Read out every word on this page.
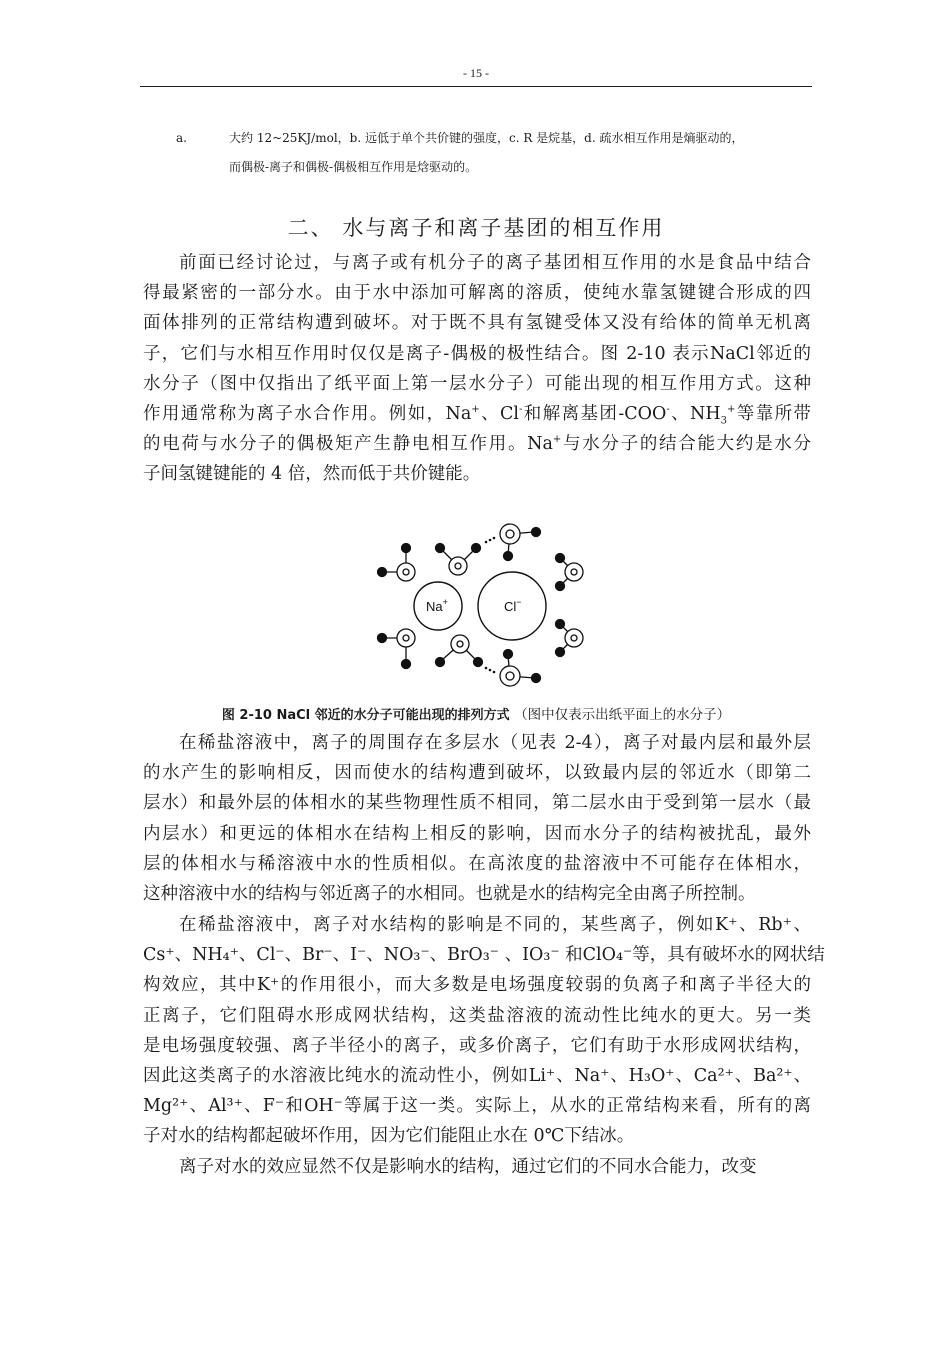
- 15 -
a.	大约 12~25KJ/mol，b. 远低于单个共价键的强度，c. R 是烷基，d. 疏水相互作用是熵驱动的，
而偶极-离子和偶极-偶极相互作用是焓驱动的。
二、 水与离子和离子基团的相互作用
前面已经讨论过，与离子或有机分子的离子基团相互作用的水是食品中结合
得最紧密的一部分水。由于水中添加可解离的溶质，使纯水靠氢键键合形成的四
面体排列的正常结构遭到破坏。对于既不具有氢键受体又没有给体的简单无机离
子，它们与水相互作用时仅仅是离子-偶极的极性结合。图 2-10 表示NaCl邻近的
水分子（图中仅指出了纸平面上第一层水分子）可能出现的相互作用方式。这种
作用通常称为离子水合作用。例如，Na+、Cl-和解离基团-COO-、$NH_3^+$等靠所带
的电荷与水分子的偶极矩产生静电相互作用。Na+与水分子的结合能大约是水分
子间氢键键能的 4 倍，然而低于共价键能。
Na+	Cl−
图 2-10 NaCl 邻近的水分子可能出现的排列方式 （图中仅表示出纸平面上的水分子）
在稀盐溶液中，离子的周围存在多层水（见表 2-4），离子对最内层和最外层
的水产生的影响相反，因而使水的结构遭到破坏，以致最内层的邻近水（即第二
层水）和最外层的体相水的某些物理性质不相同，第二层水由于受到第一层水（最
内层水）和更远的体相水在结构上相反的影响，因而水分子的结构被扰乱，最外
层的体相水与稀溶液中水的性质相似。在高浓度的盐溶液中不可能存在体相水，
这种溶液中水的结构与邻近离子的水相同。也就是水的结构完全由离子所控制。
在稀盐溶液中，离子对水结构的影响是不同的，某些离子，例如K⁺、Rb⁺、
Cs⁺、NH₄⁺、Cl⁻、Br⁻、I⁻、NO₃⁻、BrO₃⁻ 、IO₃⁻ 和ClO₄⁻等，具有破坏水的网状结
构效应，其中K⁺的作用很小，而大多数是电场强度较弱的负离子和离子半径大的
正离子，它们阻碍水形成网状结构，这类盐溶液的流动性比纯水的更大。另一类
是电场强度较强、离子半径小的离子，或多价离子，它们有助于水形成网状结构，
因此这类离子的水溶液比纯水的流动性小，例如Li⁺、Na⁺、H₃O⁺、Ca²⁺、Ba²⁺、
Mg²⁺、Al³⁺、F⁻和OH⁻等属于这一类。实际上，从水的正常结构来看，所有的离
子对水的结构都起破坏作用，因为它们能阻止水在 0℃下结冰。
离子对水的效应显然不仅是影响水的结构，通过它们的不同水合能力，改变
